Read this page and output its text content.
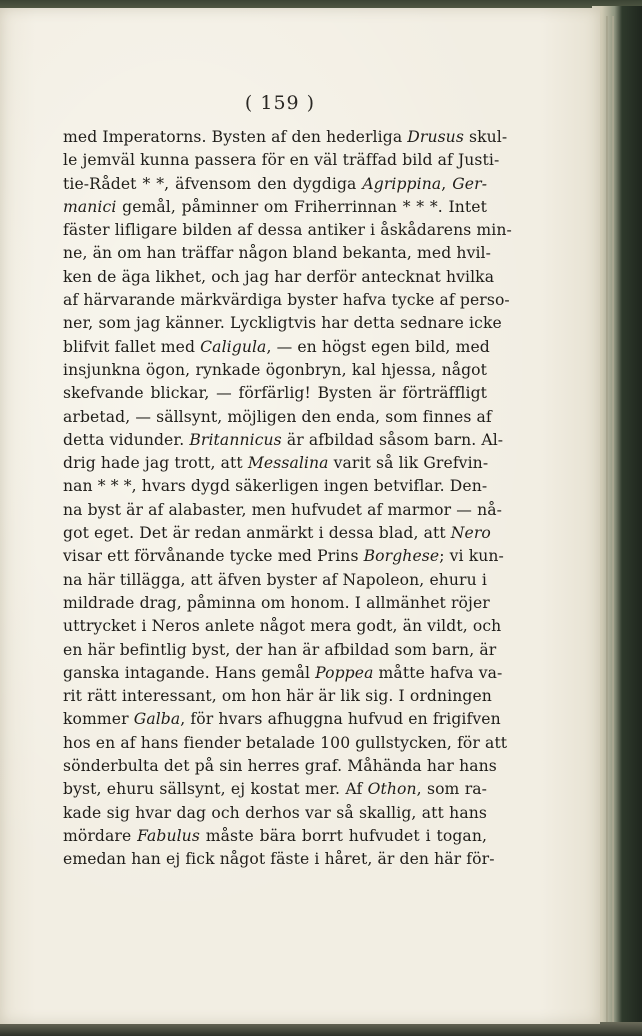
( 159 )
med Imperatorns. Bysten af den hederliga Drusus skul-
le jemväl kunna passera för en väl träffad bild af Justi-
tie-Rådet * *, äfvensom den dygdiga Agrippina, Ger-
manici gemål, påminner om Friherrinnan * * *. Intet
fäster lifligare bilden af dessa antiker i åskådarens min-
ne, än om han träffar någon bland bekanta, med hvil-
ken de äga likhet, och jag har derför antecknat hvilka
af härvarande märkvärdiga byster hafva tycke af perso-
ner, som jag känner. Lyckligtvis har detta sednare icke
blifvit fallet med Caligula, — en högst egen bild, med
insjunkna ögon, rynkade ögonbryn, kal hjessa, något
skefvande blickar, — förfärlig! Bysten är förträffligt
arbetad, — sällsynt, möjligen den enda, som finnes af
detta vidunder. Britannicus är afbildad såsom barn. Al-
drig hade jag trott, att Messalina varit så lik Grefvin-
nan * * *, hvars dygd säkerligen ingen betviflar. Den-
na byst är af alabaster, men hufvudet af marmor — nå-
got eget. Det är redan anmärkt i dessa blad, att Nero
visar ett förvånande tycke med Prins Borghese; vi kun-
na här tillägga, att äfven byster af Napoleon, ehuru i
mildrade drag, påminna om honom. I allmänhet röjer
uttrycket i Neros anlete något mera godt, än vildt, och
en här befintlig byst, der han är afbildad som barn, är
ganska intagande. Hans gemål Poppea måtte hafva va-
rit rätt interessant, om hon här är lik sig. I ordningen
kommer Galba, för hvars afhuggna hufvud en frigifven
hos en af hans fiender betalade 100 gullstycken, för att
sönderbulta det på sin herres graf. Måhända har hans
byst, ehuru sällsynt, ej kostat mer. Af Othon, som ra-
kade sig hvar dag och derhos var så skallig, att hans
mördare Fabulus måste bära borrt hufvudet i togan,
emedan han ej fick något fäste i håret, är den här för-
